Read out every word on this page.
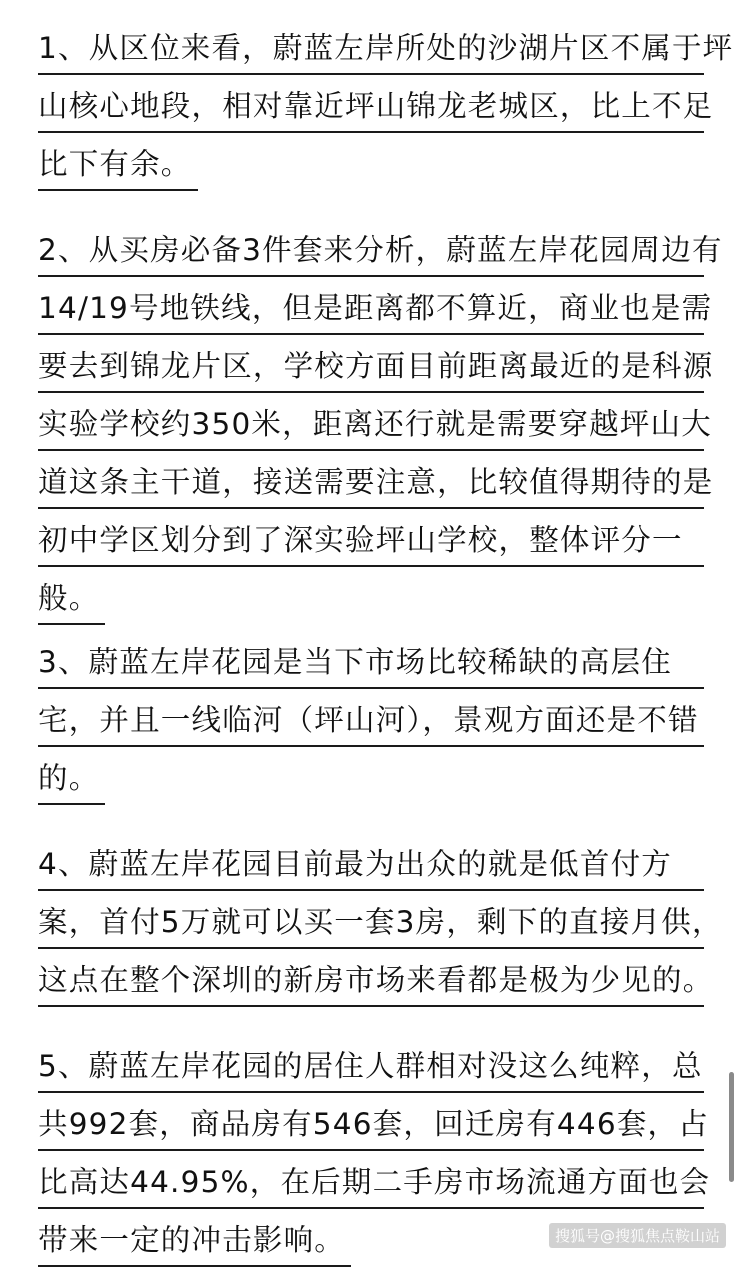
1、从区位来看，蔚蓝左岸所处的沙湖片区不属于坪
山核心地段，相对靠近坪山锦龙老城区，比上不足
比下有余。
2、从买房必备3件套来分析，蔚蓝左岸花园周边有
14/19号地铁线，但是距离都不算近，商业也是需
要去到锦龙片区，学校方面目前距离最近的是科源
实验学校约350米，距离还行就是需要穿越坪山大
道这条主干道，接送需要注意，比较值得期待的是
初中学区划分到了深实验坪山学校，整体评分一
般。
3、蔚蓝左岸花园是当下市场比较稀缺的高层住
宅，并且一线临河（坪山河），景观方面还是不错
的。
4、蔚蓝左岸花园目前最为出众的就是低首付方
案，首付5万就可以买一套3房，剩下的直接月供，
这点在整个深圳的新房市场来看都是极为少见的。
5、蔚蓝左岸花园的居住人群相对没这么纯粹，总
共992套，商品房有546套，回迁房有446套，占
比高达44.95%，在后期二手房市场流通方面也会
带来一定的冲击影响。	搜狐号@搜狐焦点鞍山站
